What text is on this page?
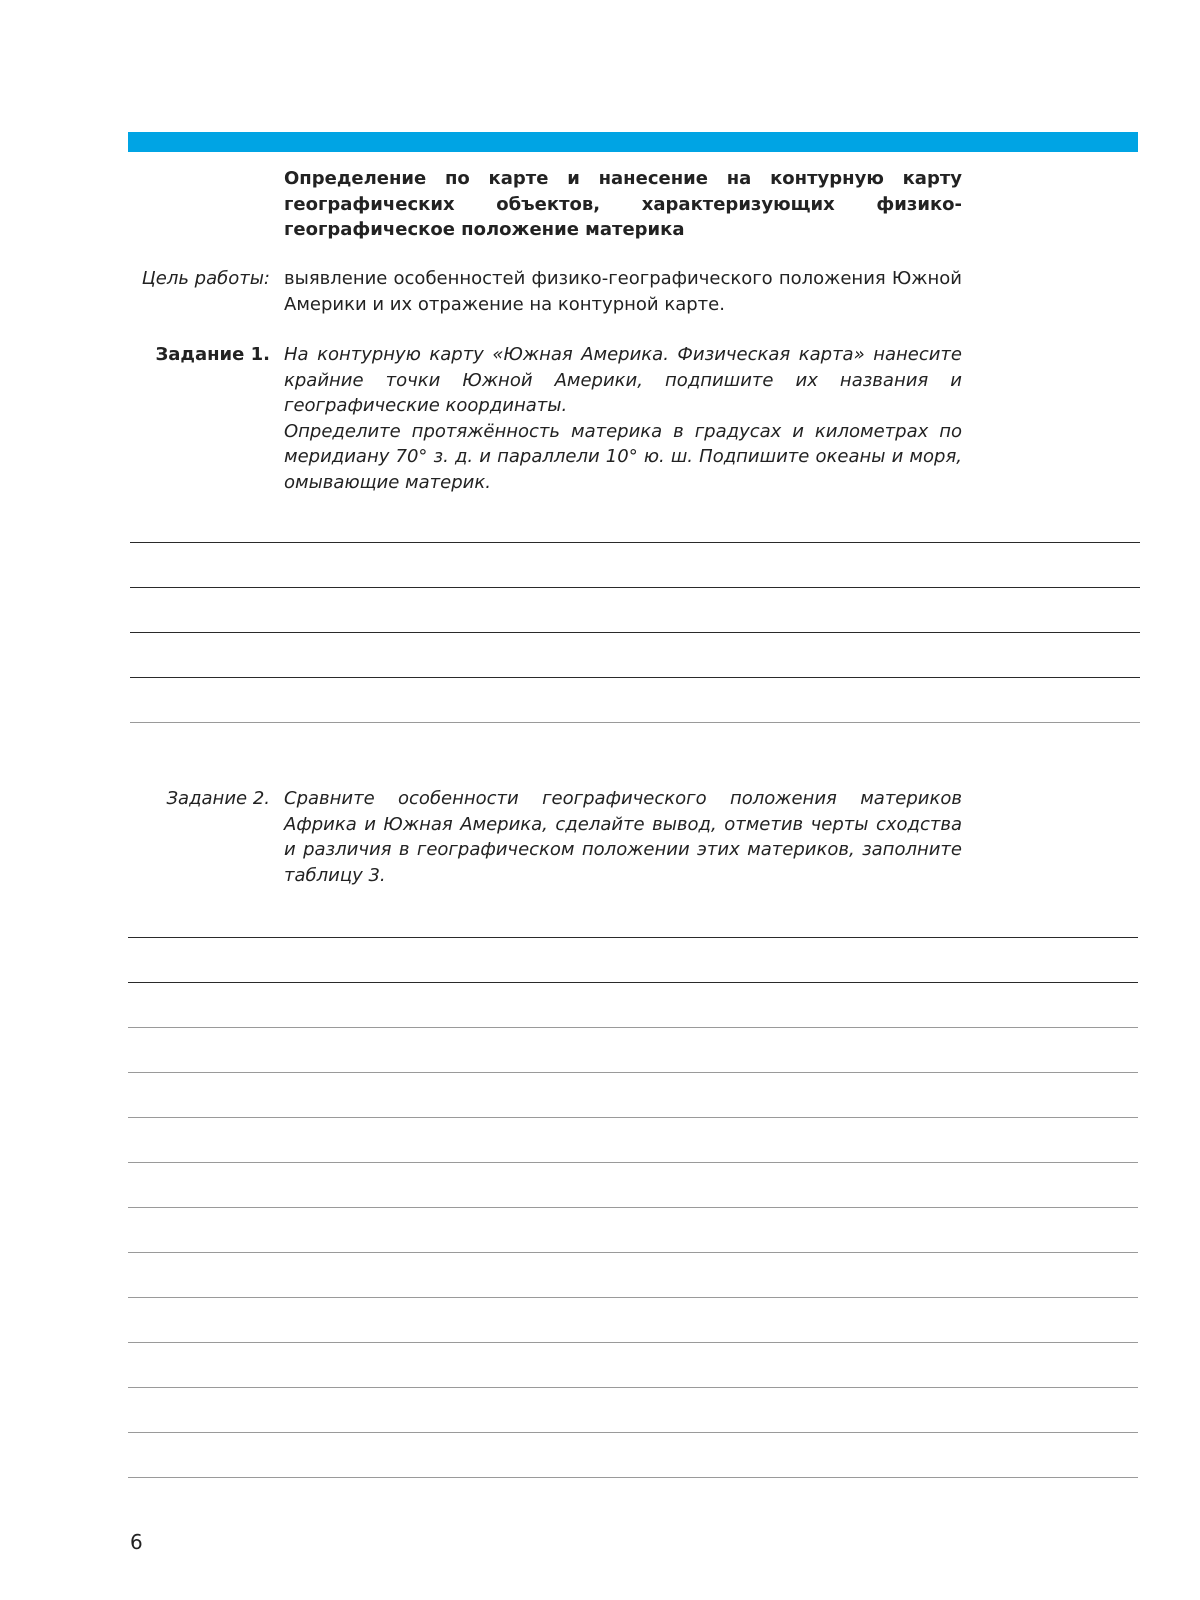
Определение по карте и нанесение на контурную карту географических объектов, характеризующих физико-географическое положение материка
Цель работы: выявление особенностей физико-географического положения Южной Америки и их отражение на контурной карте.
Задание 1. На контурную карту «Южная Америка. Физическая карта» нанесите крайние точки Южной Америки, подпишите их названия и географические координаты.

Определите протяжённость материка в градусах и километрах по меридиану 70° з. д. и параллели 10° ю. ш. Подпишите океаны и моря, омывающие материк.

Задание 2. Сравните особенности географического положения материков Африка и Южная Америка, сделайте вывод, отметив черты сходства и различия в географическом положении этих материков, заполните таблицу 3.
6
